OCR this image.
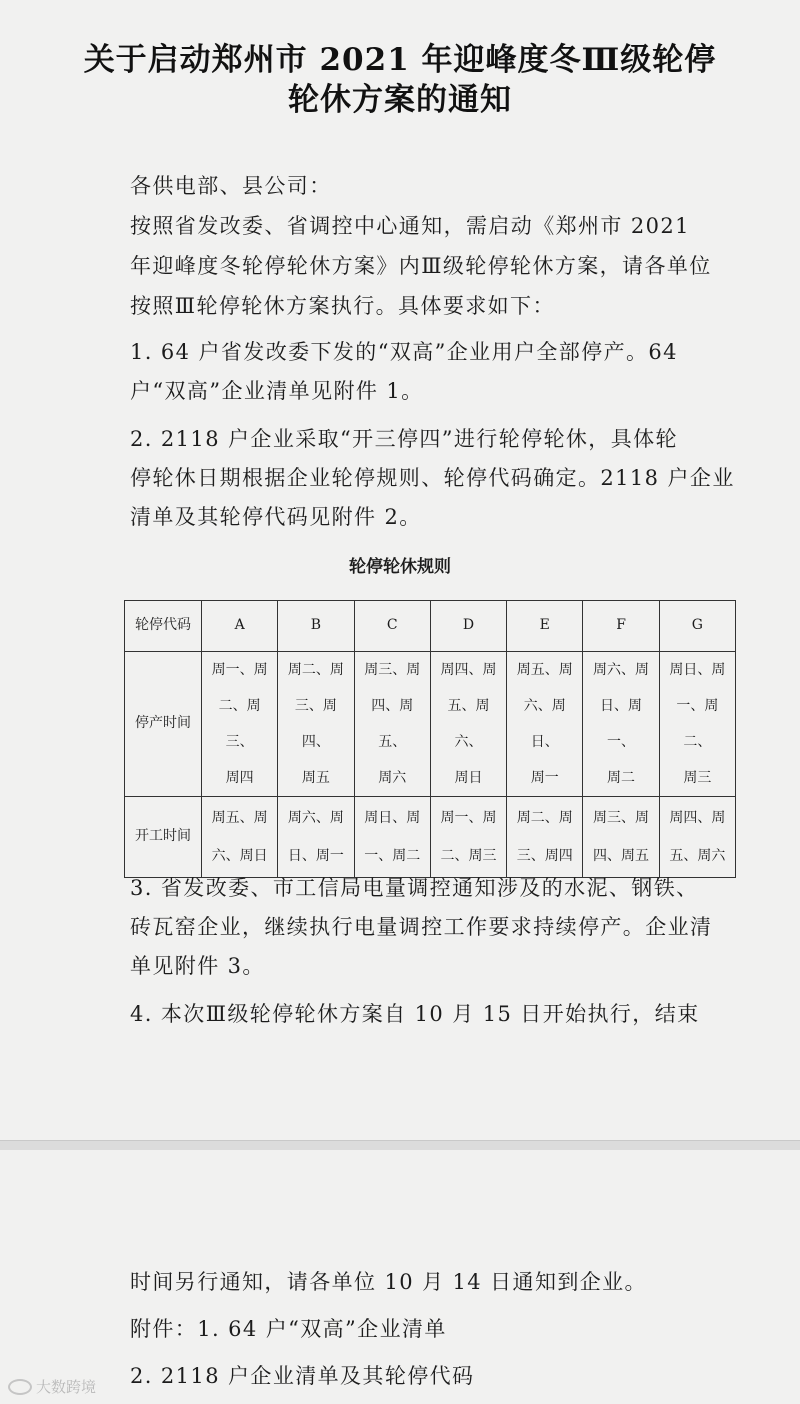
关于启动郑州市 2021 年迎峰度冬Ⅲ级轮停
轮休方案的通知

各供电部、县公司：

按照省发改委、省调控中心通知，需启动《郑州市 2021

年迎峰度冬轮停轮休方案》内Ⅲ级轮停轮休方案，请各单位

按照Ⅲ轮停轮休方案执行。具体要求如下：

1. 64 户省发改委下发的“双高”企业用户全部停产。64

户“双高”企业清单见附件 1。

2. 2118 户企业采取“开三停四”进行轮停轮休，具体轮

停轮休日期根据企业轮停规则、轮停代码确定。2118 户企业

清单及其轮停代码见附件 2。

轮停轮休规则

轮停代码	A	B	C	D	E	F	G
停产时间	周一、周
二、周三、
周四	周二、周
三、周四、
周五	周三、周
四、周五、
周六	周四、周
五、周六、
周日	周五、周
六、周日、
周一	周六、周
日、周一、
周二	周日、周
一、周二、
周三
开工时间	周五、周
六、周日	周六、周
日、周一	周日、周
一、周二	周一、周
二、周三	周二、周
三、周四	周三、周
四、周五	周四、周
五、周六

3. 省发改委、市工信局电量调控通知涉及的水泥、钢铁、

砖瓦窑企业，继续执行电量调控工作要求持续停产。企业清

单见附件 3。

4. 本次Ⅲ级轮停轮休方案自 10 月 15 日开始执行，结束

时间另行通知，请各单位 10 月 14 日通知到企业。

附件：1. 64 户“双高”企业清单

2. 2118 户企业清单及其轮停代码

大数跨境
